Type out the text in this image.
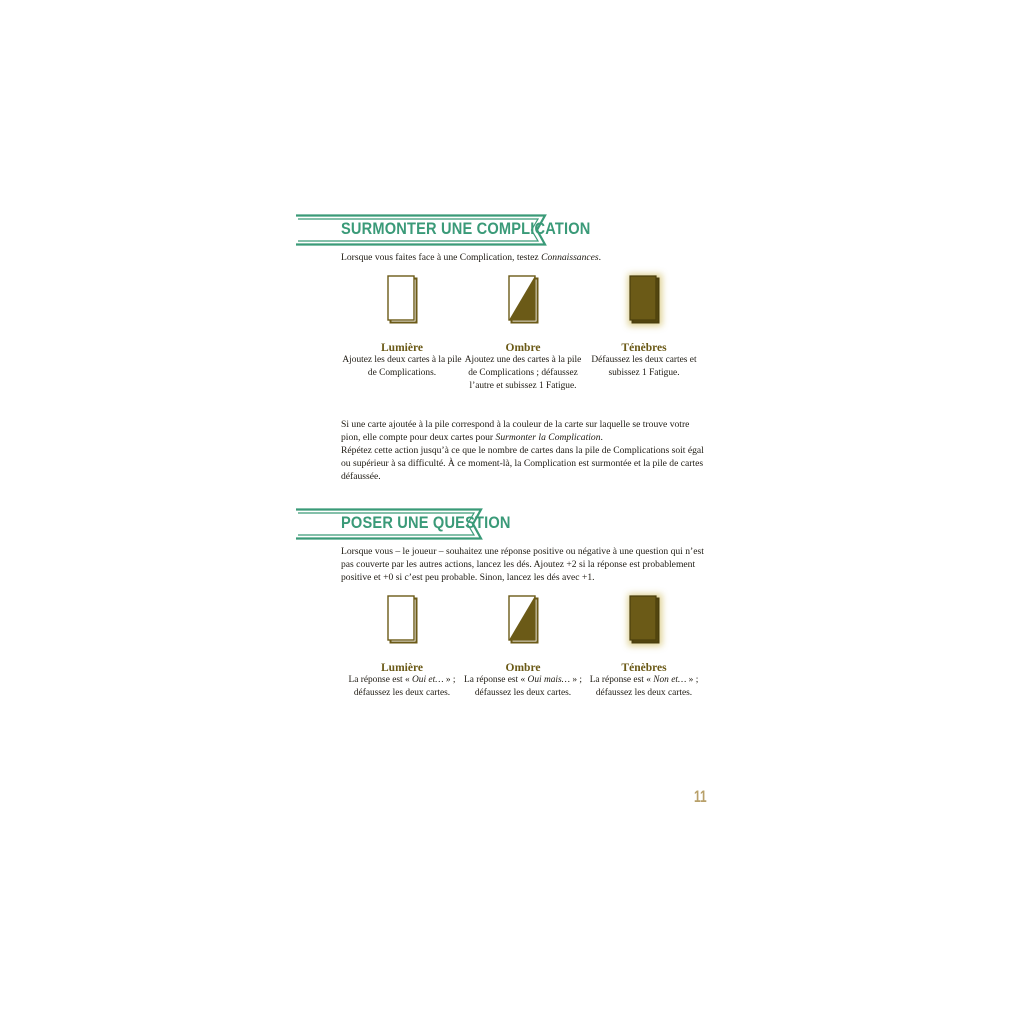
SURMONTER UNE COMPLICATION
Lorsque vous faites face à une Complication, testez Connaissances.
Lumière
Ajoutez les deux cartes à la pile de Complications.
Ombre
Ajoutez une des cartes à la pile de Complications ; défaussez l’autre et subissez 1 Fatigue.
Ténèbres
Défaussez les deux cartes et subissez 1 Fatigue.
Si une carte ajoutée à la pile correspond à la couleur de la carte sur laquelle se trouve votre pion, elle compte pour deux cartes pour Surmonter la Complication.
Répétez cette action jusqu’à ce que le nombre de cartes dans la pile de Complications soit égal ou supérieur à sa difficulté. À ce moment-là, la Complication est surmontée et la pile de cartes défaussée.
POSER UNE QUESTION
Lorsque vous – le joueur – souhaitez une réponse positive ou négative à une question qui n’est pas couverte par les autres actions, lancez les dés. Ajoutez +2 si la réponse est probablement positive et +0 si c’est peu probable. Sinon, lancez les dés avec +1.
Lumière
La réponse est « Oui et… » ; défaussez les deux cartes.
Ombre
La réponse est « Oui mais… » ; défaussez les deux cartes.
Ténèbres
La réponse est « Non et… » ; défaussez les deux cartes.
11
